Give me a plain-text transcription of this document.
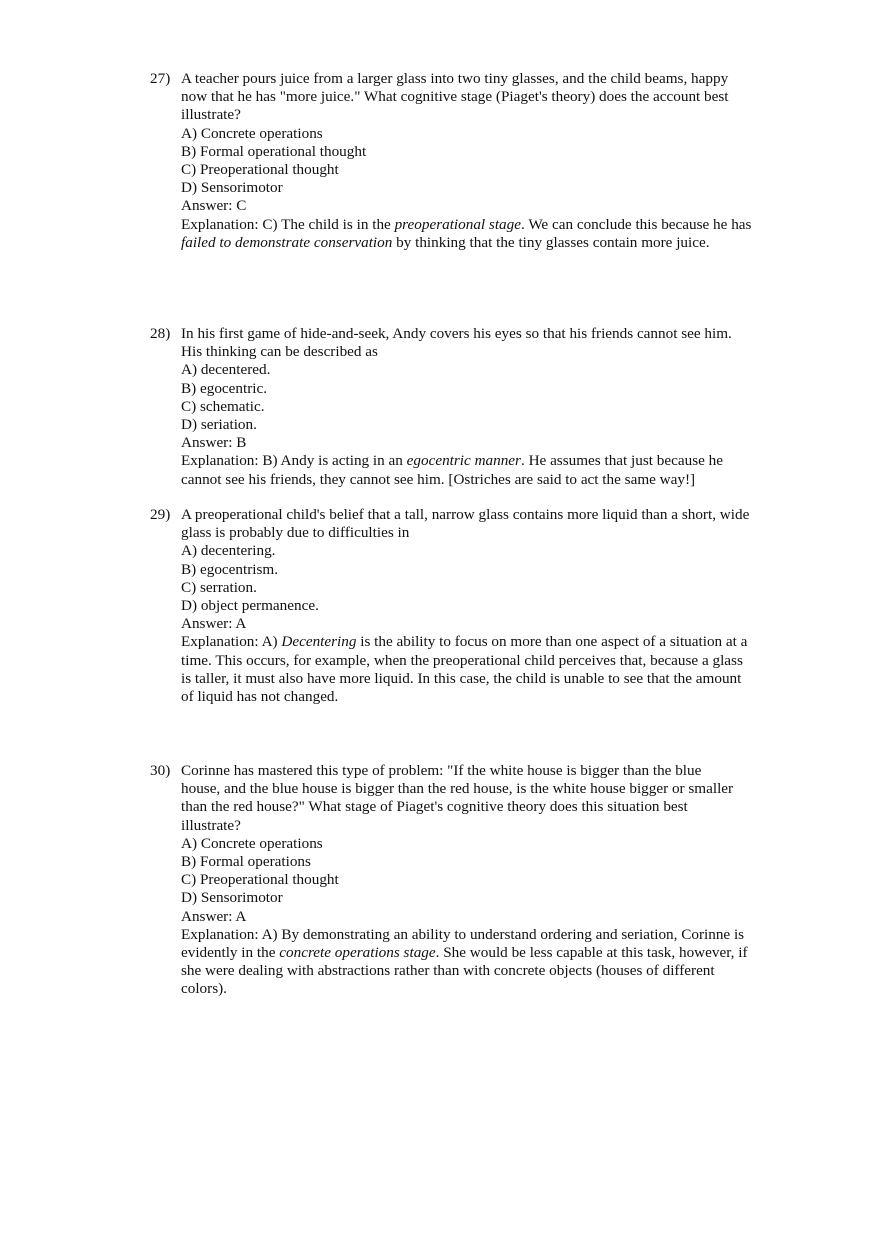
27) A teacher pours juice from a larger glass into two tiny glasses, and the child beams, happy now that he has "more juice." What cognitive stage (Piaget's theory) does the account best illustrate?
A) Concrete operations
B) Formal operational thought
C) Preoperational thought
D) Sensorimotor
Answer: C
Explanation: C) The child is in the preoperational stage. We can conclude this because he has failed to demonstrate conservation by thinking that the tiny glasses contain more juice.
28) In his first game of hide-and-seek, Andy covers his eyes so that his friends cannot see him. His thinking can be described as
A) decentered.
B) egocentric.
C) schematic.
D) seriation.
Answer: B
Explanation: B) Andy is acting in an egocentric manner. He assumes that just because he cannot see his friends, they cannot see him. [Ostriches are said to act the same way!]
29) A preoperational child's belief that a tall, narrow glass contains more liquid than a short, wide glass is probably due to difficulties in
A) decentering.
B) egocentrism.
C) serration.
D) object permanence.
Answer: A
Explanation: A) Decentering is the ability to focus on more than one aspect of a situation at a time. This occurs, for example, when the preoperational child perceives that, because a glass is taller, it must also have more liquid. In this case, the child is unable to see that the amount of liquid has not changed.
30) Corinne has mastered this type of problem: "If the white house is bigger than the blue house, and the blue house is bigger than the red house, is the white house bigger or smaller than the red house?" What stage of Piaget's cognitive theory does this situation best illustrate?
A) Concrete operations
B) Formal operations
C) Preoperational thought
D) Sensorimotor
Answer: A
Explanation: A) By demonstrating an ability to understand ordering and seriation, Corinne is evidently in the concrete operations stage. She would be less capable at this task, however, if she were dealing with abstractions rather than with concrete objects (houses of different colors).
